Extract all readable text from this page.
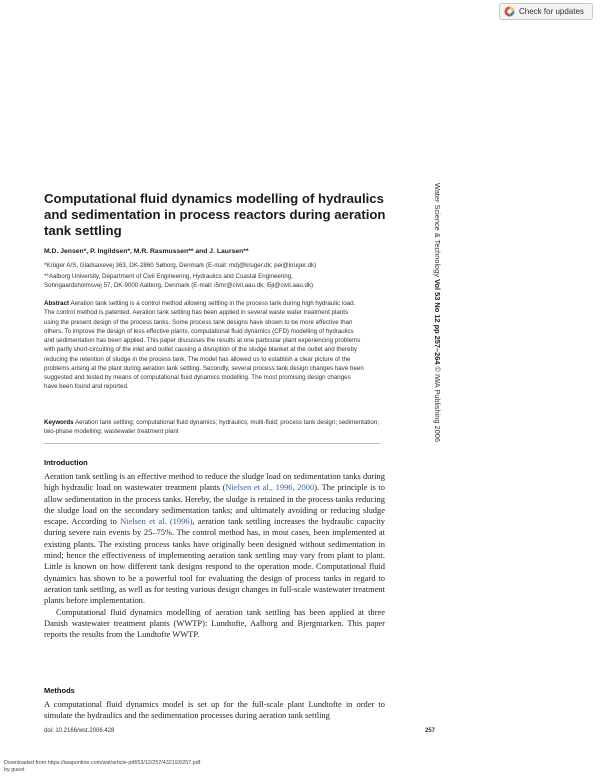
Check for updates
Computational fluid dynamics modelling of hydraulics and sedimentation in process reactors during aeration tank settling	Water Science & Technology Vol 53 No 12 pp 257–264 © IWA Publishing 2006
M.D. Jensen*, P. Ingildsen*, M.R. Rasmussen** and J. Laursen**
*Krüger A/S, Gladsaxevej 363, DK-2860 Søborg, Denmark (E-mail: mdj@kruger.dk; pei@kruger.dk)
**Aalborg University, Department of Civil Engineering, Hydraulics and Coastal Engineering,
Sohngaardsholmsvej 57, DK-9000 Aalborg, Denmark (E-mail: i5mr@civil.aau.dk; i5jl@civil.aau.dk)
Abstract Aeration tank settling is a control method allowing settling in the process tank during high hydraulic load. The control method is patented. Aeration tank settling has been applied in several waste water treatment plants using the present design of the process tanks. Some process tank designs have shown to be more effective than others. To improve the design of less effective plants, computational fluid dynamics (CFD) modelling of hydraulics and sedimentation has been applied. This paper discusses the results at one particular plant experiencing problems with partly short-circuiting of the inlet and outlet causing a disruption of the sludge blanket at the outlet and thereby reducing the retention of sludge in the process tank. The model has allowed us to establish a clear picture of the problems arising at the plant during aeration tank settling. Secondly, several process tank design changes have been suggested and tested by means of computational fluid dynamics modelling. The most promising design changes have been found and reported.
Keywords Aeration tank settling; computational fluid dynamics; hydraulics; multi-fluid; process tank design; sedimentation; two-phase modelling; wastewater treatment plant
Introduction

Aeration tank settling is an effective method to reduce the sludge load on sedimentation tanks during high hydraulic load on wastewater treatment plants (Nielsen et al., 1996, 2000). The principle is to allow sedimentation in the process tanks. Hereby, the sludge is retained in the process tanks reducing the sludge load on the secondary sedimentation tanks; and ultimately avoiding or reducing sludge escape. According to Nielsen et al. (1996), aeration tank settling increases the hydraulic capacity during severe rain events by 25–75%. The control method has, in most cases, been implemented at existing plants. The existing process tanks have originally been designed without sedimentation in mind; hence the effectiveness of implementing aeration tank settling may vary from plant to plant. Little is known on how different tank designs respond to the operation mode. Computational fluid dynamics has shown to be a powerful tool for evaluating the design of process tanks in regard to aeration tank settling, as well as for testing various design changes in full-scale wastewater treatment plants before implementation.

Computational fluid dynamics modelling of aeration tank settling has been applied at three Danish wastewater treatment plants (WWTP): Lundtofte, Aalborg and Bjergmarken. This paper reports the results from the Lundtofte WWTP.

Methods
A computational fluid dynamics model is set up for the full-scale plant Lundtofte in order to simulate the hydraulics and the sedimentation processes during aeration tank settling
doi: 10.2166/wst.2006.428	257
Downloaded from https://iwaponline.com/wst/article-pdf/53/12/257/432193/257.pdf
by guest
